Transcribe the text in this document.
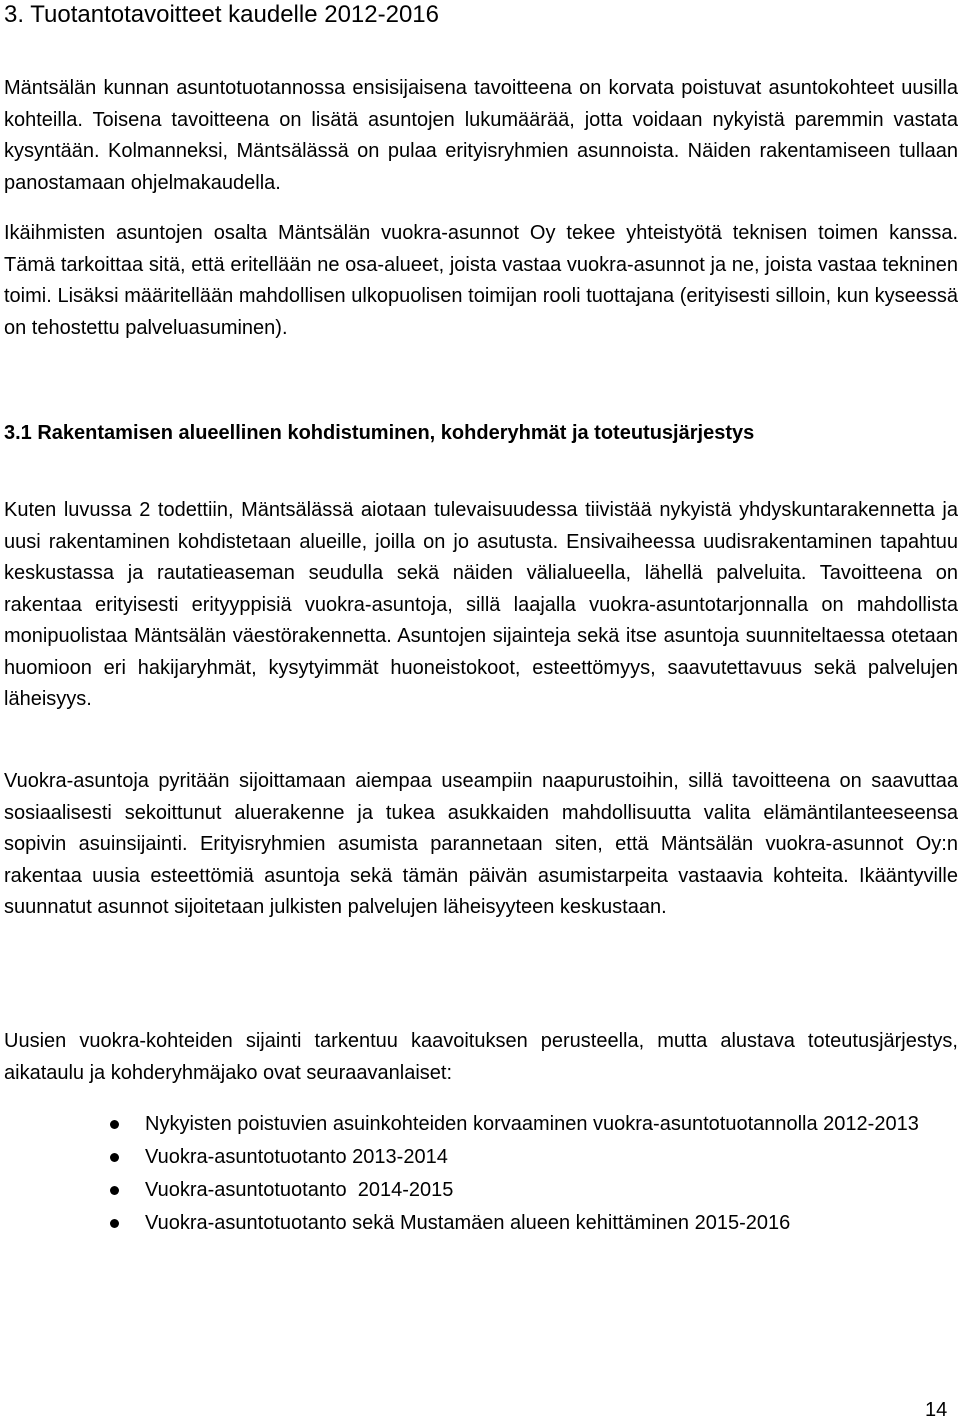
3. Tuotantotavoitteet kaudelle 2012-2016

Mäntsälän kunnan asuntotuotannossa ensisijaisena tavoitteena on korvata poistuvat asuntokohteet uusilla kohteilla. Toisena tavoitteena on lisätä asuntojen lukumäärää, jotta voidaan nykyistä paremmin vastata kysyntään. Kolmanneksi, Mäntsälässä on pulaa erityisryhmien asunnoista. Näiden rakentamiseen tullaan panostamaan ohjelmakaudella.

Ikäihmisten asuntojen osalta Mäntsälän vuokra-asunnot Oy tekee yhteistyötä teknisen toimen kanssa. Tämä tarkoittaa sitä, että eritellään ne osa-alueet, joista vastaa vuokra-asunnot ja ne, joista vastaa tekninen toimi. Lisäksi määritellään mahdollisen ulkopuolisen toimijan rooli tuottajana (erityisesti silloin, kun kyseessä on tehostettu palveluasuminen).

3.1 Rakentamisen alueellinen kohdistuminen, kohderyhmät ja toteutusjärjestys

Kuten luvussa 2 todettiin, Mäntsälässä aiotaan tulevaisuudessa tiivistää nykyistä yhdyskuntarakennetta ja uusi rakentaminen kohdistetaan alueille, joilla on jo asutusta. Ensivaiheessa uudisrakentaminen tapahtuu keskustassa ja rautatieaseman seudulla sekä näiden välialueella, lähellä palveluita. Tavoitteena on rakentaa erityisesti erityyppisiä vuokra-asuntoja, sillä laajalla vuokra-asuntotarjonnalla on mahdollista monipuolistaa Mäntsälän väestörakennetta. Asuntojen sijainteja sekä itse asuntoja suunniteltaessa otetaan huomioon eri hakijaryhmät, kysytyimmät huoneistokoot, esteettömyys, saavutettavuus sekä palvelujen läheisyys.

Vuokra-asuntoja pyritään sijoittamaan aiempaa useampiin naapurustoihin, sillä tavoitteena on saavuttaa sosiaalisesti sekoittunut aluerakenne ja tukea asukkaiden mahdollisuutta valita elämäntilanteeseensa sopivin asuinsijainti. Erityisryhmien asumista parannetaan siten, että Mäntsälän vuokra-asunnot Oy:n rakentaa uusia esteettömiä asuntoja sekä tämän päivän asumistarpeita vastaavia kohteita. Ikääntyville suunnatut asunnot sijoitetaan julkisten palvelujen läheisyyteen keskustaan.

Uusien vuokra-kohteiden sijainti tarkentuu kaavoituksen perusteella, mutta alustava toteutusjärjestys, aikataulu ja kohderyhmäjako ovat seuraavanlaiset:

Nykyisten poistuvien asuinkohteiden korvaaminen vuokra-asuntotuotannolla 2012-2013
Vuokra-asuntotuotanto 2013-2014
Vuokra-asuntotuotanto  2014-2015
Vuokra-asuntotuotanto sekä Mustamäen alueen kehittäminen 2015-2016
14
